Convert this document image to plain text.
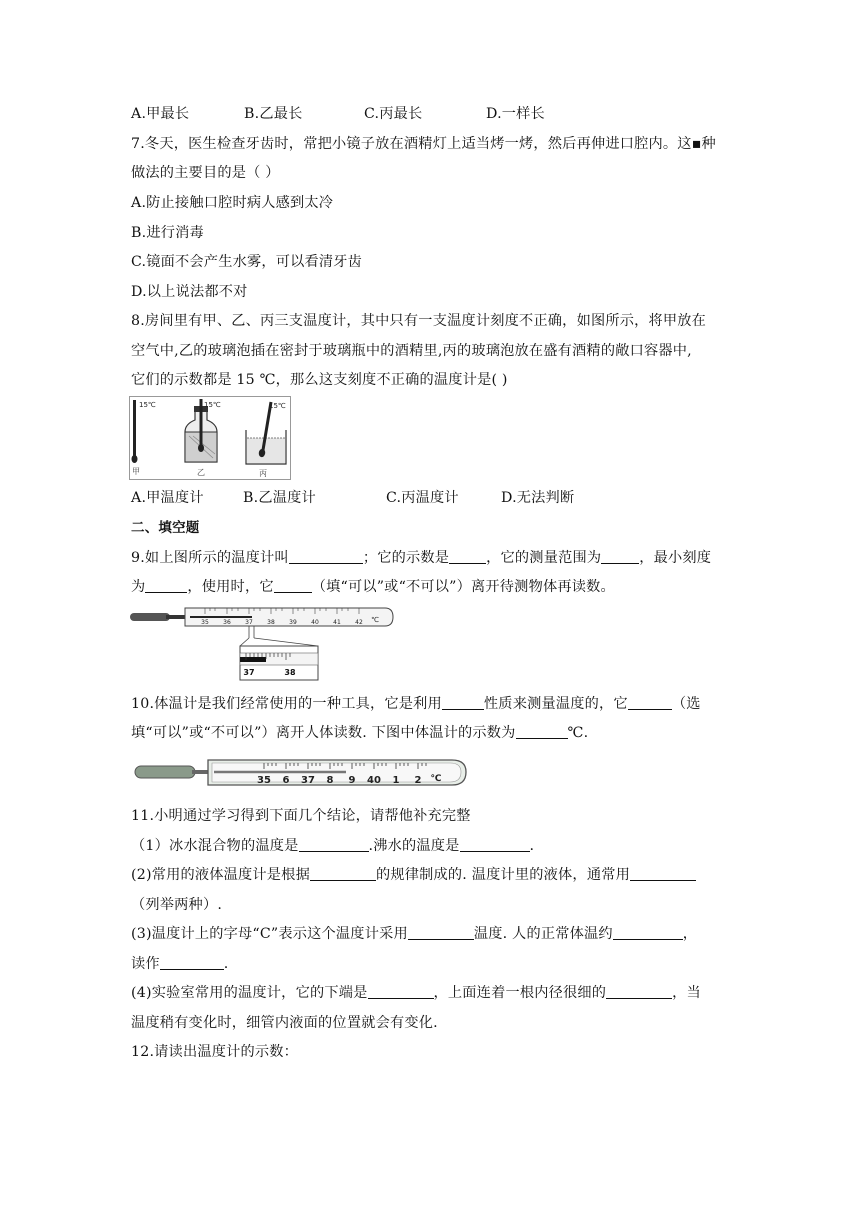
A.甲最长	B.乙最长	C.丙最长	D.一样长
7.冬天，医生检查牙齿时，常把小镜子放在酒精灯上适当烤一烤，然后再伸进口腔内。这▪种
做法的主要目的是（ ）
A.防止接触口腔时病人感到太冷
B.进行消毒
C.镜面不会产生水雾，可以看清牙齿
D.以上说法都不对
8.房间里有甲、乙、丙三支温度计，其中只有一支温度计刻度不正确，如图所示，将甲放在
空气中,乙的玻璃泡插在密封于玻璃瓶中的酒精里,丙的玻璃泡放在盛有酒精的敞口容器中,
它们的示数都是 15 ℃，那么这支刻度不正确的温度计是( )
15℃
甲
15℃
乙
15℃
丙
A.甲温度计	B.乙温度计	C.丙温度计	D.无法判断
二、填空题
9.如上图所示的温度计叫	；它的示数是	，它的测量范围为	，最小刻度
为	，使用时，它	（填“可以”或“不可以”）离开待测物体再读数。
35 36 37 38 39 40 41 42 ℃
37	38
10.体温计是我们经常使用的一种工具，它是利用	性质来测量温度的，它	（选
填“可以”或“不可以”）离开人体读数. 下图中体温计的示数为	℃.
35 6 37 8 9 40 1 2 ℃
11.小明通过学习得到下面几个结论，请帮他补充完整
（1）冰水混合物的温度是	.沸水的温度是	.
(2)常用的液体温度计是根据	的规律制成的. 温度计里的液体，通常用
（列举两种）.
(3)温度计上的字母“C”表示这个温度计采用	温度. 人的正常体温约	，
读作	.
(4)实验室常用的温度计，它的下端是	，上面连着一根内径很细的	，当
温度稍有变化时，细管内液面的位置就会有变化.
12.请读出温度计的示数：
